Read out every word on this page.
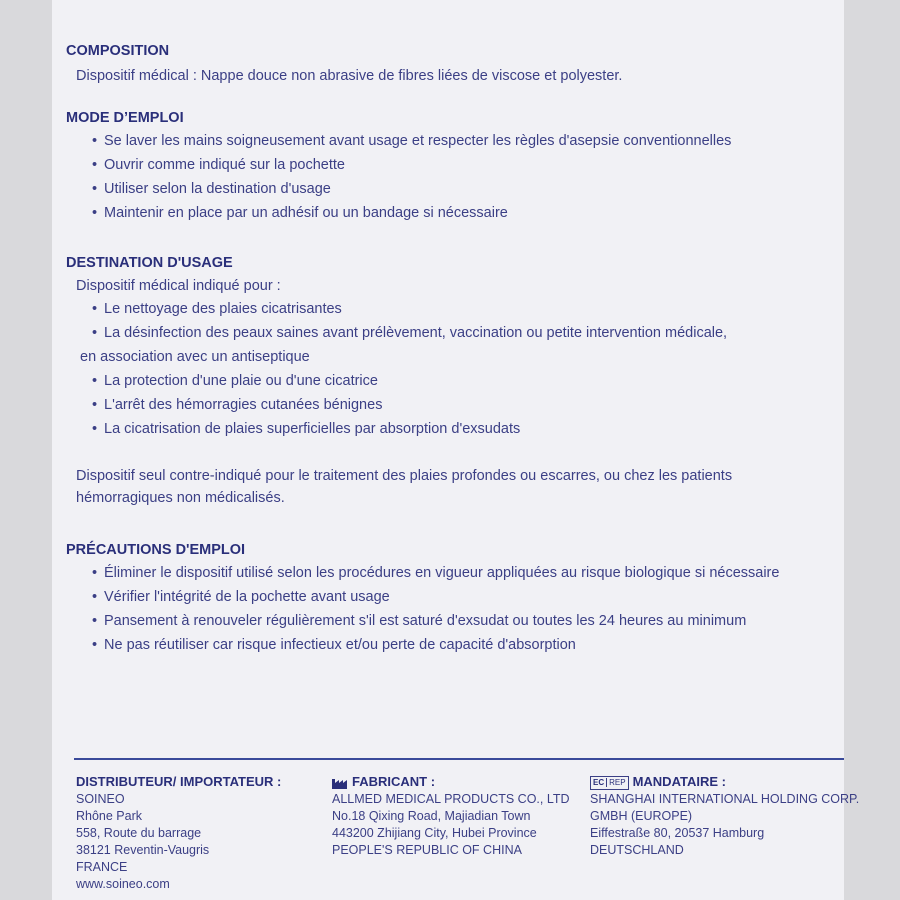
COMPOSITION
Dispositif médical : Nappe douce non abrasive de fibres liées de viscose et polyester.
MODE D’EMPLOI
• Se laver les mains soigneusement avant usage et respecter les règles d'asepsie conventionnelles
• Ouvrir comme indiqué sur la pochette
• Utiliser selon la destination d'usage
• Maintenir en place par un adhésif ou un bandage si nécessaire
DESTINATION D'USAGE
Dispositif médical indiqué pour :
• Le nettoyage des plaies cicatrisantes
• La désinfection des peaux saines avant prélèvement, vaccination ou petite intervention médicale,
en association avec un antiseptique
• La protection d'une plaie ou d'une cicatrice
• L'arrêt des hémorragies cutanées bénignes
• La cicatrisation de plaies superficielles par absorption d'exsudats
Dispositif seul contre-indiqué pour le traitement des plaies profondes ou escarres, ou chez les patients
hémorragiques non médicalisés.
PRÉCAUTIONS D'EMPLOI
• Éliminer le dispositif utilisé selon les procédures en vigueur appliquées au risque biologique si nécessaire
• Vérifier l'intégrité de la pochette avant usage
• Pansement à renouveler régulièrement s'il est saturé d'exsudat ou toutes les 24 heures au minimum
• Ne pas réutiliser car risque infectieux et/ou perte de capacité d'absorption
DISTRIBUTEUR/ IMPORTATEUR :
SOINEO
Rhône Park
558, Route du barrage
38121 Reventin-Vaugris
FRANCE
www.soineo.com
FABRICANT :
ALLMED MEDICAL PRODUCTS CO., LTD
No.18 Qixing Road, Majiadian Town
443200 Zhijiang City, Hubei Province
PEOPLE'S REPUBLIC OF CHINA
EC REP MANDATAIRE :
SHANGHAI INTERNATIONAL HOLDING CORP.
GMBH (EUROPE)
Eiffestraße 80, 20537 Hamburg
DEUTSCHLAND
